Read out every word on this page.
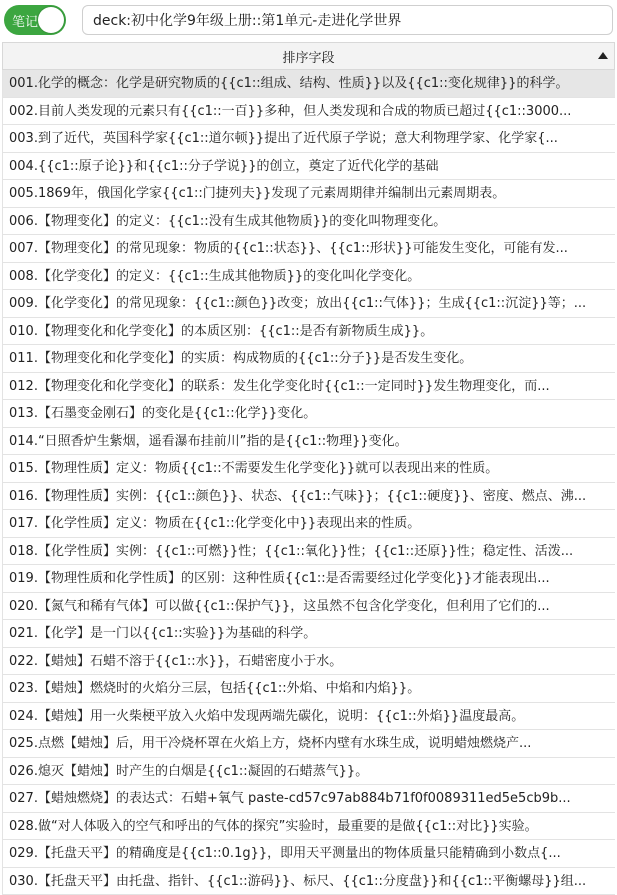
笔记
deck:初中化学9年级上册::第1单元-走进化学世界
排序字段
001.化学的概念：化学是研究物质的{{c1::组成、结构、性质}}以及{{c1::变化规律}}的科学。
002.目前人类发现的元素只有{{c1::一百}}多种，但人类发现和合成的物质已超过{{c1::3000...
003.到了近代，英国科学家{{c1::道尔顿}}提出了近代原子学说；意大利物理学家、化学家{...
004.{{c1::原子论}}和{{c1::分子学说}}的创立，奠定了近代化学的基础
005.1869年，俄国化学家{{c1::门捷列夫}}发现了元素周期律并编制出元素周期表。
006.【物理变化】的定义：{{c1::没有生成其他物质}}的变化叫物理变化。
007.【物理变化】的常见现象：物质的{{c1::状态}}、{{c1::形状}}可能发生变化，可能有发...
008.【化学变化】的定义：{{c1::生成其他物质}}的变化叫化学变化。
009.【化学变化】的常见现象：{{c1::颜色}}改变；放出{{c1::气体}}；生成{{c1::沉淀}}等；...
010.【物理变化和化学变化】的本质区别：{{c1::是否有新物质生成}}。
011.【物理变化和化学变化】的实质：构成物质的{{c1::分子}}是否发生变化。
012.【物理变化和化学变化】的联系：发生化学变化时{{c1::一定同时}}发生物理变化，而...
013.【石墨变金刚石】的变化是{{c1::化学}}变化。
014.“日照香炉生紫烟，遥看瀑布挂前川”指的是{{c1::物理}}变化。
015.【物理性质】定义：物质{{c1::不需要发生化学变化}}就可以表现出来的性质。
016.【物理性质】实例：{{c1::颜色}}、状态、{{c1::气味}}；{{c1::硬度}}、密度、燃点、沸...
017.【化学性质】定义：物质在{{c1::化学变化中}}表现出来的性质。
018.【化学性质】实例：{{c1::可燃}}性；{{c1::氧化}}性；{{c1::还原}}性；稳定性、活泼...
019.【物理性质和化学性质】的区别：这种性质{{c1::是否需要经过化学变化}}才能表现出...
020.【氮气和稀有气体】可以做{{c1::保护气}}，这虽然不包含化学变化，但利用了它们的...
021.【化学】是一门以{{c1::实验}}为基础的科学。
022.【蜡烛】石蜡不溶于{{c1::水}}，石蜡密度小于水。
023.【蜡烛】燃烧时的火焰分三层，包括{{c1::外焰、中焰和内焰}}。
024.【蜡烛】用一火柴梗平放入火焰中发现两端先碳化，说明：{{c1::外焰}}温度最高。
025.点燃【蜡烛】后，用干冷烧杯罩在火焰上方，烧杯内壁有水珠生成，说明蜡烛燃烧产...
026.熄灭【蜡烛】时产生的白烟是{{c1::凝固的石蜡蒸气}}。
027.【蜡烛燃烧】的表达式：石蜡+氧气 paste-cd57c97ab884b71f0f0089311ed5e5cb9b...
028.做“对人体吸入的空气和呼出的气体的探究”实验时，最重要的是做{{c1::对比}}实验。
029.【托盘天平】的精确度是{{c1::0.1g}}，即用天平测量出的物体质量只能精确到小数点{...
030.【托盘天平】由托盘、指针、{{c1::游码}}、标尺、{{c1::分度盘}}和{{c1::平衡螺母}}组...
